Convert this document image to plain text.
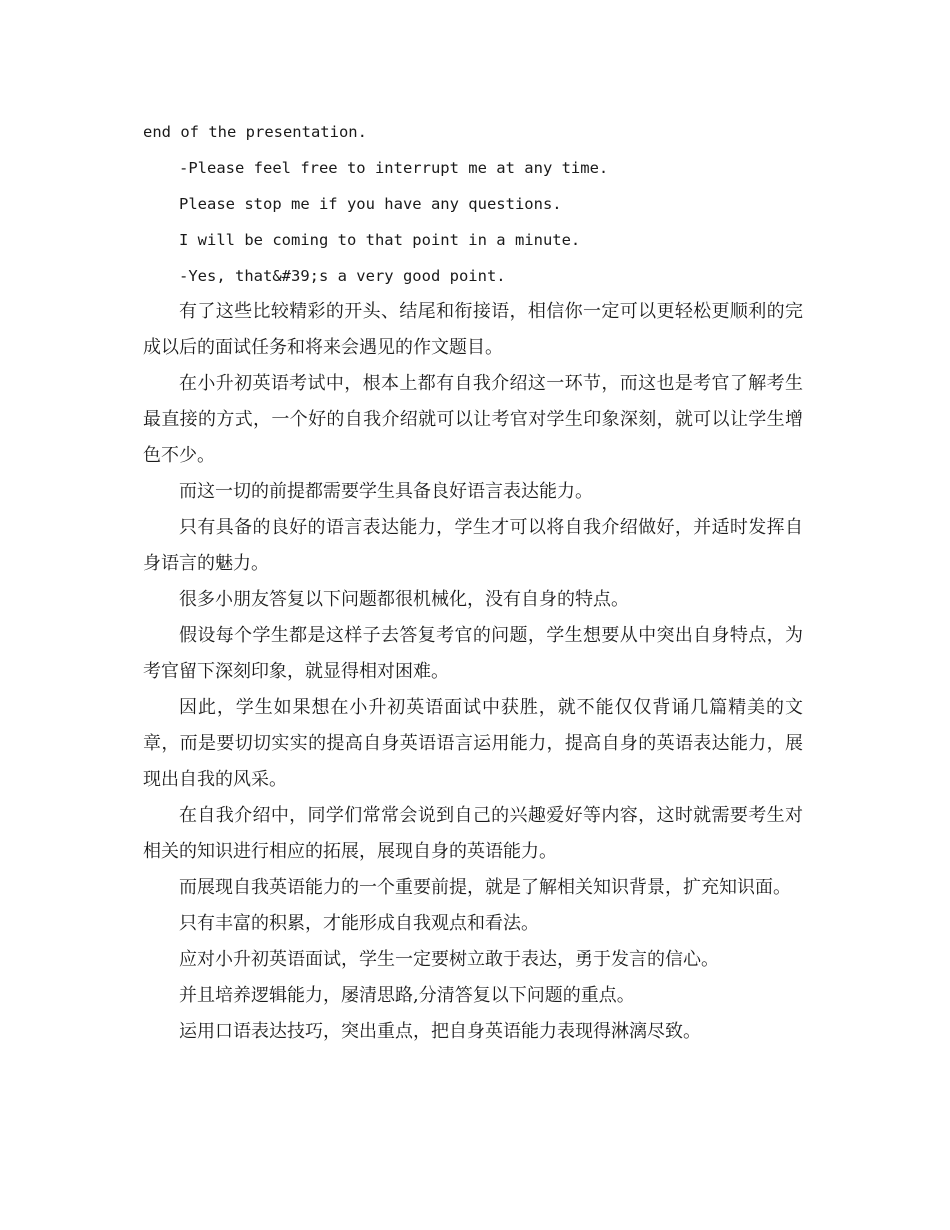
end of the presentation.

-Please feel free to interrupt me at any time.

Please stop me if you have any questions.

I will be coming to that point in a minute.

-Yes, that&#39;s a very good point.

有了这些比较精彩的开头、结尾和衔接语，相信你一定可以更轻松更顺利的完成以后的面试任务和将来会遇见的作文题目。

在小升初英语考试中，根本上都有自我介绍这一环节，而这也是考官了解考生最直接的方式，一个好的自我介绍就可以让考官对学生印象深刻，就可以让学生增色不少。

而这一切的前提都需要学生具备良好语言表达能力。

只有具备的良好的语言表达能力，学生才可以将自我介绍做好，并适时发挥自身语言的魅力。

很多小朋友答复以下问题都很机械化，没有自身的特点。

假设每个学生都是这样子去答复考官的问题，学生想要从中突出自身特点，为考官留下深刻印象，就显得相对困难。

因此，学生如果想在小升初英语面试中获胜，就不能仅仅背诵几篇精美的文章，而是要切切实实的提高自身英语语言运用能力，提高自身的英语表达能力，展现出自我的风采。

在自我介绍中，同学们常常会说到自己的兴趣爱好等内容，这时就需要考生对相关的知识进行相应的拓展，展现自身的英语能力。

而展现自我英语能力的一个重要前提，就是了解相关知识背景，扩充知识面。

只有丰富的积累，才能形成自我观点和看法。

应对小升初英语面试，学生一定要树立敢于表达，勇于发言的信心。

并且培养逻辑能力，屡清思路,分清答复以下问题的重点。

运用口语表达技巧，突出重点，把自身英语能力表现得淋漓尽致。
